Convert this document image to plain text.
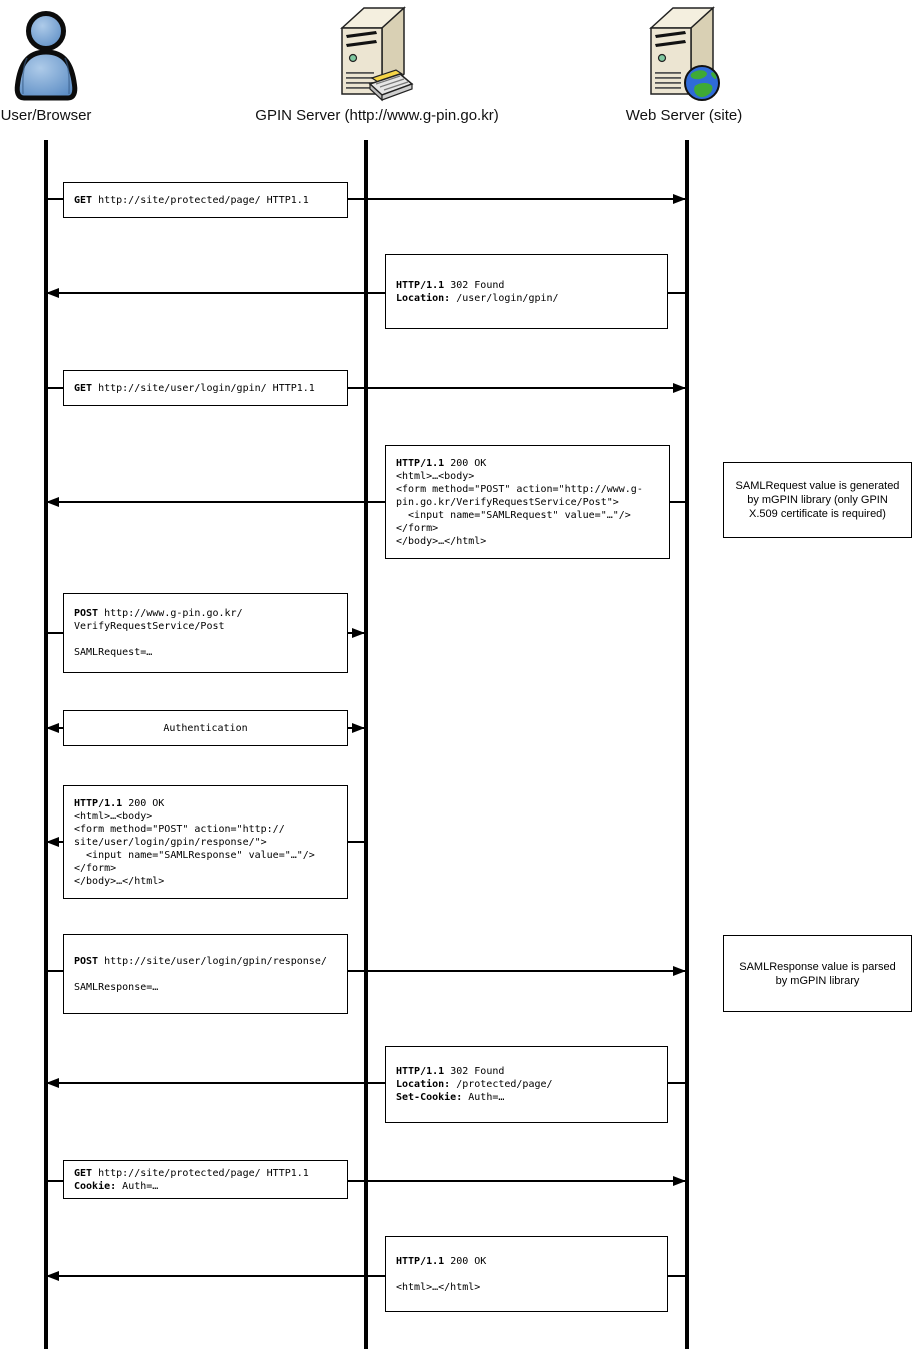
User/Browser	GPIN Server (http://www.g-pin.go.kr)	Web Server (site)
GET http://site/protected/page/ HTTP1.1
HTTP/1.1 302 Found
Location: /user/login/gpin/
GET http://site/user/login/gpin/ HTTP1.1
HTTP/1.1 200 OK
<html>…<body>
<form method="POST" action="http://www.g-
pin.go.kr/VerifyRequestService/Post">
<input name="SAMLRequest" value="…"/>
</form>
</body>…</html>
POST http://www.g-pin.go.kr/
VerifyRequestService/Post
SAMLRequest=…
Authentication
HTTP/1.1 200 OK
<html>…<body>
<form method="POST" action="http://
site/user/login/gpin/response/">
<input name="SAMLResponse" value="…"/>
</form>
</body>…</html>
POST http://site/user/login/gpin/response/
SAMLResponse=…
HTTP/1.1 302 Found
Location: /protected/page/
Set-Cookie: Auth=…
GET http://site/protected/page/ HTTP1.1
Cookie: Auth=…
HTTP/1.1 200 OK
<html>…</html>
SAMLRequest value is generated by mGPIN library (only GPIN X.509 certificate is required)
SAMLResponse value is parsed by mGPIN library
